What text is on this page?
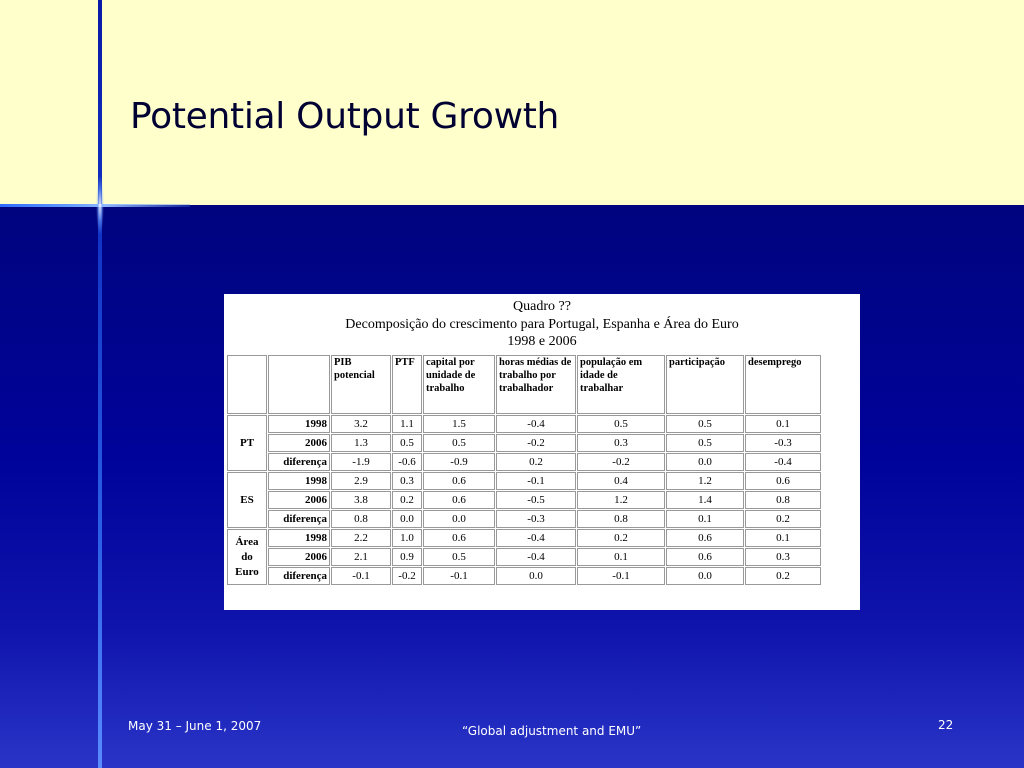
Potential Output Growth
Quadro ??
Decomposição do crescimento para Portugal, Espanha e Área do Euro
1998 e 2006
		PIB potencial	PTF	capital por unidade de trabalho	horas médias de trabalho por trabalhador	população em idade de trabalhar	participação	desemprego
PT	1998	3.2	1.1	1.5	-0.4	0.5	0.5	0.1
	2006	1.3	0.5	0.5	-0.2	0.3	0.5	-0.3
	diferença	-1.9	-0.6	-0.9	0.2	-0.2	0.0	-0.4
ES	1998	2.9	0.3	0.6	-0.1	0.4	1.2	0.6
	2006	3.8	0.2	0.6	-0.5	1.2	1.4	0.8
	diferença	0.8	0.0	0.0	-0.3	0.8	0.1	0.2
Área do Euro	1998	2.2	1.0	0.6	-0.4	0.2	0.6	0.1
	2006	2.1	0.9	0.5	-0.4	0.1	0.6	0.3
	diferença	-0.1	-0.2	-0.1	0.0	-0.1	0.0	0.2
May 31 – June 1, 2007	“Global adjustment and EMU”	22
